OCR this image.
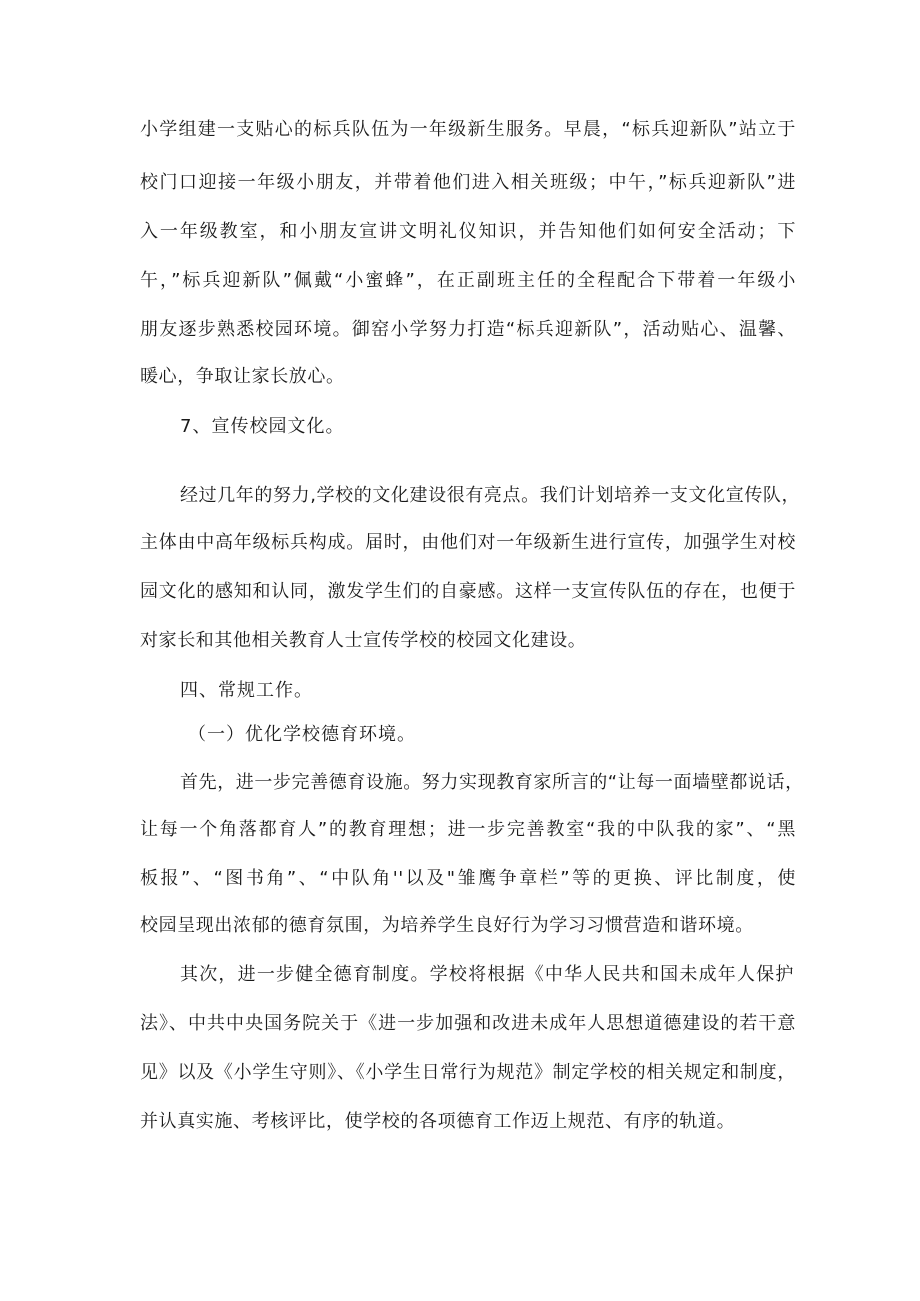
小学组建一支贴心的标兵队伍为一年级新生服务。早晨，“标兵迎新队”站立于
校门口迎接一年级小朋友，并带着他们进入相关班级；中午，”标兵迎新队”进
入一年级教室，和小朋友宣讲文明礼仪知识，并告知他们如何安全活动；下
午，”标兵迎新队”佩戴“小蜜蜂”，在正副班主任的全程配合下带着一年级小
朋友逐步熟悉校园环境。御窑小学努力打造“标兵迎新队”，活动贴心、温馨、
暖心，争取让家长放心。
7、宣传校园文化。
经过几年的努力,学校的文化建设很有亮点。我们计划培养一支文化宣传队，
主体由中高年级标兵构成。届时，由他们对一年级新生进行宣传，加强学生对校
园文化的感知和认同，激发学生们的自豪感。这样一支宣传队伍的存在，也便于
对家长和其他相关教育人士宣传学校的校园文化建设。
四、常规工作。
（一）优化学校德育环境。
首先，进一步完善德育设施。努力实现教育家所言的“让每一面墙壁都说话，
让每一个角落都育人”的教育理想；进一步完善教室“我的中队我的家”、“黑
板报”、“图书角”、“中队角''以及"雏鹰争章栏”等的更换、评比制度，使
校园呈现出浓郁的德育氛围，为培养学生良好行为学习习惯营造和谐环境。
其次，进一步健全德育制度。学校将根据《中华人民共和国未成年人保护
法》、中共中央国务院关于《进一步加强和改进未成年人思想道德建设的若干意
见》以及《小学生守则》、《小学生日常行为规范》制定学校的相关规定和制度，
并认真实施、考核评比，使学校的各项德育工作迈上规范、有序的轨道。
